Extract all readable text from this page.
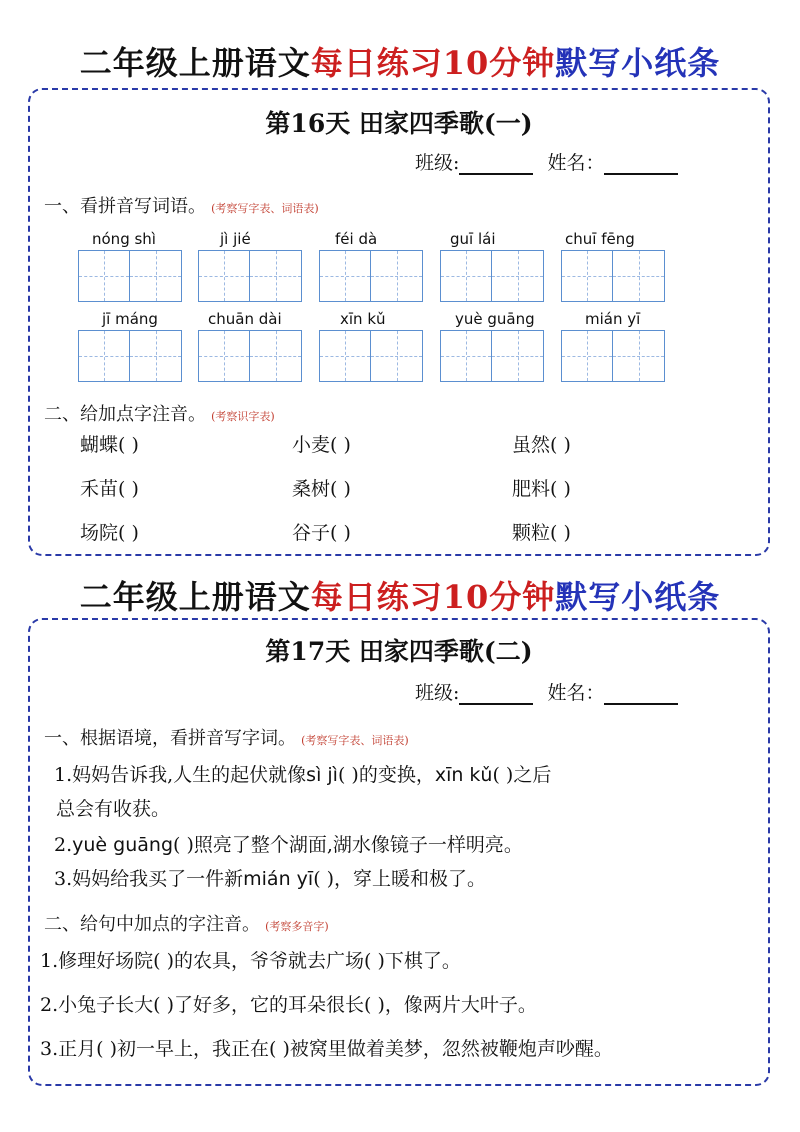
二年级上册语文每日练习10分钟默写小纸条
第16天 田家四季歌(一)
班级:	姓名：
一、看拼音写词语。 (考察写字表、词语表)
nóng shì	jì jié	féi dà	guī lái	chuī fēng
jī máng	chuān dài	xīn kǔ	yuè guāng	mián yī
二、给加点字注音。 (考察识字表)
蝴蝶( )	小麦( )	虽然( )
禾苗( )	桑树( )	肥料( )
场院( )	谷子( )	颗粒( )
二年级上册语文每日练习10分钟默写小纸条
第17天 田家四季歌(二)
班级:	姓名：
一、根据语境，看拼音写字词。 (考察写字表、词语表)
1.妈妈告诉我,人生的起伏就像sì jì( )的变换，xīn kǔ( )之后
总会有收获。
2.yuè guāng( )照亮了整个湖面,湖水像镜子一样明亮。
3.妈妈给我买了一件新mián yī( )，穿上暖和极了。
二、给句中加点的字注音。 (考察多音字)
1.修理好场院( )的农具，爷爷就去广场( )下棋了。
2.小兔子长大( )了好多，它的耳朵很长( )，像两片大叶子。
3.正月( )初一早上，我正在( )被窝里做着美梦，忽然被鞭炮声吵醒。
